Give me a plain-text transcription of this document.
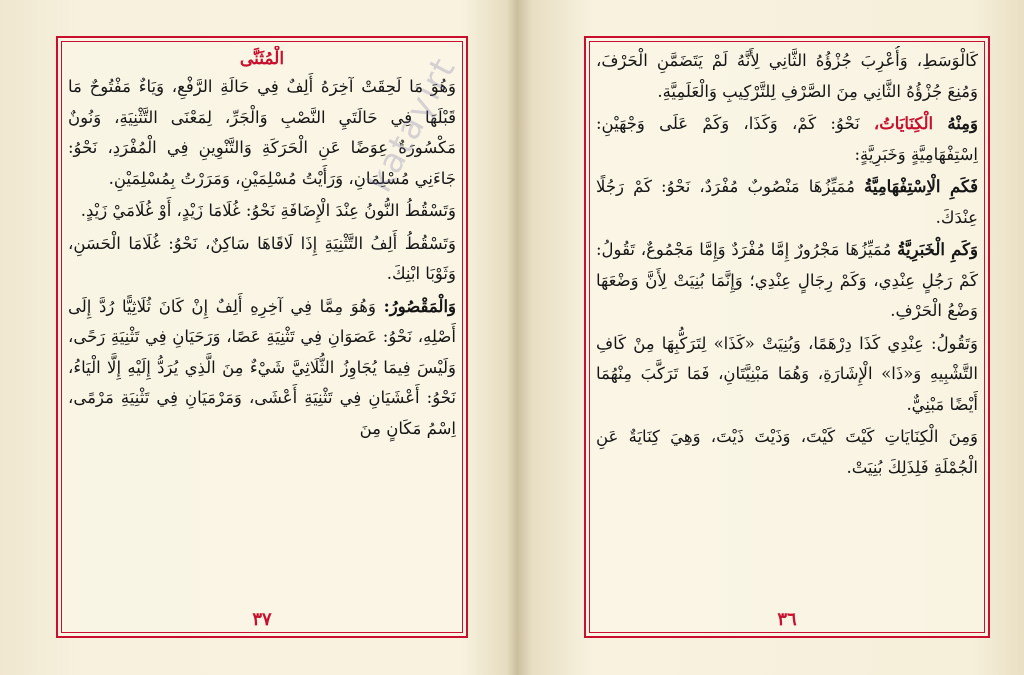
الْمُثَنَّى

وَهُوَ مَا لَحِقَتْ آخِرَهُ أَلِفٌ فِي حَالَةِ الرَّفْعِ، وَيَاءٌ مَفْتُوحٌ مَا قَبْلَهَا فِي حَالَتَيِ النَّصْبِ وَالْجَرِّ، لِمَعْنَى التَّثْنِيَةِ، وَنُونٌ مَكْسُورَةٌ عِوَضًا عَنِ الْحَرَكَةِ وَالتَّنْوِينِ فِي الْمُفْرَدِ، نَحْوُ: جَاءَنِي مُسْلِمَانِ، وَرَأَيْتُ مُسْلِمَيْنِ، وَمَرَرْتُ بِمُسْلِمَيْنِ.

وَتَسْقُطُ النُّونُ عِنْدَ الْإِضَافَةِ نَحْوُ: غُلَامَا زَيْدٍ، أَوْ غُلَامَيْ زَيْدٍ.

وَتَسْقُطُ أَلِفُ التَّثْنِيَةِ إِذَا لَاقَاهَا سَاكِنٌ، نَحْوُ: غُلَامَا الْحَسَنِ، وَثَوْبَا ابْنِكَ.

وَالْمَقْصُورُ: وَهُوَ مِمَّا فِي آخِرِهِ أَلِفٌ إِنْ كَانَ ثُلَاثِيًّا رُدَّ إِلَى أَصْلِهِ، نَحْوُ: عَصَوَانِ فِي تَثْنِيَةِ عَصًا، وَرَحَيَانِ فِي تَثْنِيَةِ رَحًى، وَلَيْسَ فِيمَا يُجَاوِزُ الثُّلَاثِيَّ شَيْءٌ مِنَ الَّذِي يُرَدُّ إِلَيْهِ إِلَّا الْيَاءُ، نَحْوُ: أَعْشَيَانِ فِي تَثْنِيَةِ أَعْشَى، وَمَرْمَيَانِ فِي تَثْنِيَةِ مَرْمًى، اِسْمُ مَكَانٍ مِنَ

٣٧

كَالْوَسَطِ، وَأُعْرِبَ جُزْؤُهُ الثَّانِي لِأَنَّهُ لَمْ يَتَضَمَّنِ الْحَرْفَ، وَمُنِعَ جُزْؤُهُ الثَّانِي مِنَ الصَّرْفِ لِلتَّرْكِيبِ وَالْعَلَمِيَّةِ.

وَمِنْهُ الْكِنَايَاتُ، نَحْوُ: كَمْ، وَكَذَا، وَكَمْ عَلَى وَجْهَيْنِ: اِسْتِفْهَامِيَّةٍ وَخَبَرِيَّةٍ:

فَكَمِ الْاِسْتِفْهَامِيَّةُ مُمَيِّزُهَا مَنْصُوبٌ مُفْرَدٌ، نَحْوُ: كَمْ رَجُلًا عِنْدَكَ.

وَكَمِ الْخَبَرِيَّةُ مُمَيِّزُهَا مَجْرُورٌ إِمَّا مُفْرَدٌ وَإِمَّا مَجْمُوعٌ، تَقُولُ: كَمْ رَجُلٍ عِنْدِي، وَكَمْ رِجَالٍ عِنْدِي؛ وَإِنَّمَا بُنِيَتْ لِأَنَّ وَضْعَهَا وَضْعُ الْحَرْفِ.

وَتَقُولُ: عِنْدِي كَذَا دِرْهَمًا، وَبُنِيَتْ «كَذَا» لِتَرَكُّبِهَا مِنْ كَافِ التَّشْبِيهِ وَ«ذَا» الْإِشَارَةِ، وَهُمَا مَبْنِيَّتَانِ، فَمَا تَرَكَّبَ مِنْهُمَا أَيْضًا مَبْنِيٌّ.

وَمِنَ الْكِنَايَاتِ كَيْتَ كَيْتَ، وَذَيْتَ ذَيْتَ، وَهِيَ كِنَايَةٌ عَنِ الْجُمْلَةِ فَلِذَلِكَ بُنِيَتْ.

٣٦
katayirt
